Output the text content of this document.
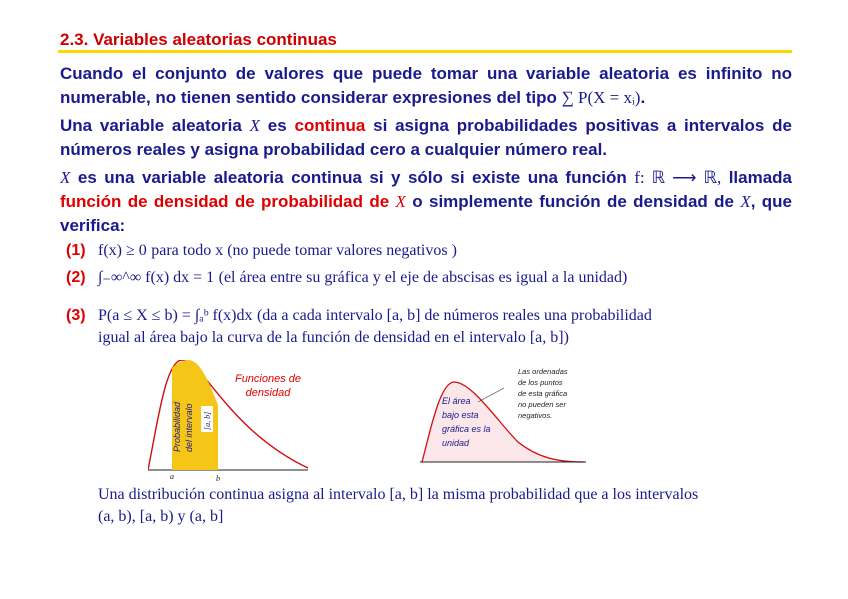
2.3. Variables aleatorias continuas
Cuando el conjunto de valores que puede tomar una variable aleatoria es infinito no numerable, no tienen sentido considerar expresiones del tipo ∑ P(X = xᵢ).
Una variable aleatoria X es continua si asigna probabilidades positivas a intervalos de números reales y asigna probabilidad cero a cualquier número real.
X es una variable aleatoria continua si y sólo si existe una función f: ℝ ⟶ ℝ, llamada función de densidad de probabilidad de X o simplemente función de densidad de X, que verifica:
(1) f(x) ≥ 0 para todo x (no puede tomar valores negativos )
(2) ∫₋∞^∞ f(x) dx = 1 (el área entre su gráfica y el eje de abscisas es igual a la unidad)
(3) P(a ≤ X ≤ b) = ∫ₐᵇ f(x)dx (da a cada intervalo [a, b] de números reales una probabilidad
igual al área bajo la curva de la función de densidad en el intervalo [a, b])
Probabilidad del intervalo [a, b]
Funciones de
densidad
a	b
El área bajo esta gráfica es la unidad
Las ordenadas de los puntos de esta gráfica no pueden ser negativos.
Una distribución continua asigna al intervalo [a, b] la misma probabilidad que a los intervalos
(a, b), [a, b) y (a, b]
